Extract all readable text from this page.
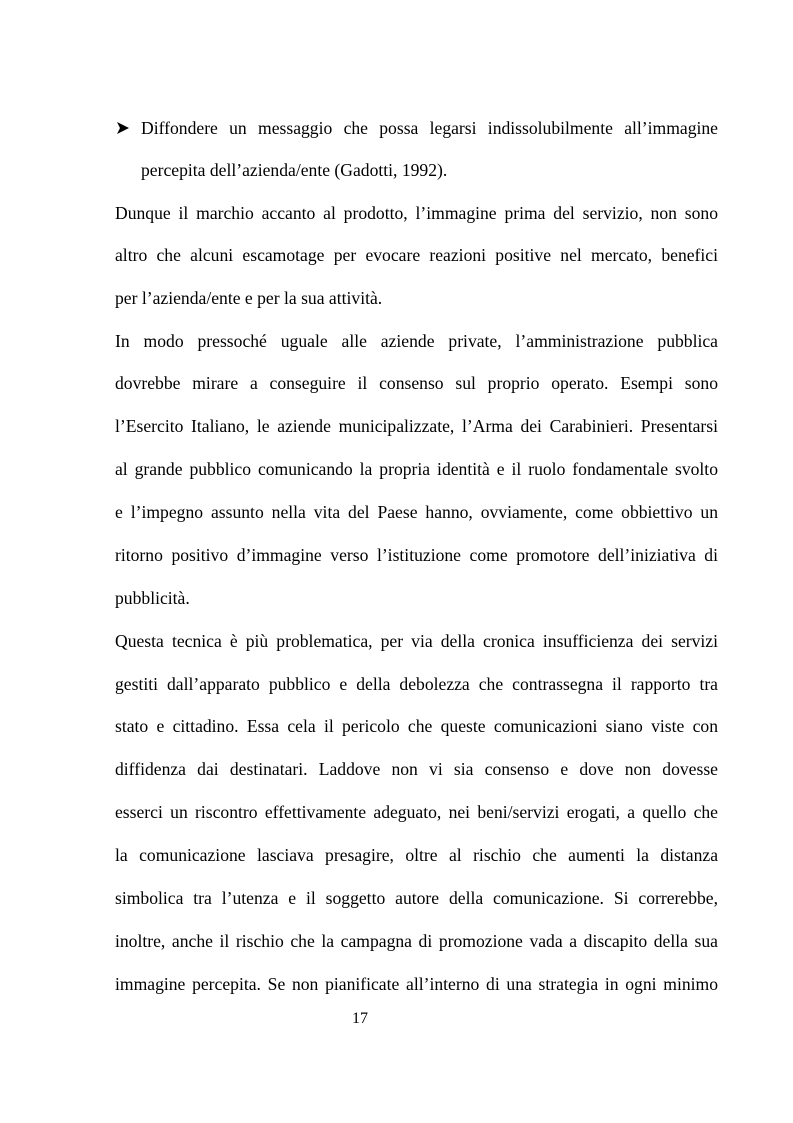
Diffondere un messaggio che possa legarsi indissolubilmente all’immagine
percepita dell’azienda/ente (Gadotti, 1992).
Dunque il marchio accanto al prodotto, l’immagine prima del servizio, non sono
altro che alcuni escamotage per evocare reazioni positive nel mercato, benefici
per l’azienda/ente e per la sua attività.
In modo pressoché uguale alle aziende private, l’amministrazione pubblica
dovrebbe mirare a conseguire il consenso sul proprio operato. Esempi sono
l’Esercito Italiano, le aziende municipalizzate, l’Arma dei Carabinieri. Presentarsi
al grande pubblico comunicando la propria identità e il ruolo fondamentale svolto
e l’impegno assunto nella vita del Paese hanno, ovviamente, come obbiettivo un
ritorno positivo d’immagine verso l’istituzione come promotore dell’iniziativa di
pubblicità.
Questa tecnica è più problematica, per via della cronica insufficienza dei servizi
gestiti dall’apparato pubblico e della debolezza che contrassegna il rapporto tra
stato e cittadino. Essa cela il pericolo che queste comunicazioni siano viste con
diffidenza dai destinatari. Laddove non vi sia consenso e dove non dovesse
esserci un riscontro effettivamente adeguato, nei beni/servizi erogati, a quello che
la comunicazione lasciava presagire, oltre al rischio che aumenti la distanza
simbolica tra l’utenza e il soggetto autore della comunicazione. Si correrebbe,
inoltre, anche il rischio che la campagna di promozione vada a discapito della sua
immagine percepita. Se non pianificate all’interno di una strategia in ogni minimo
17
